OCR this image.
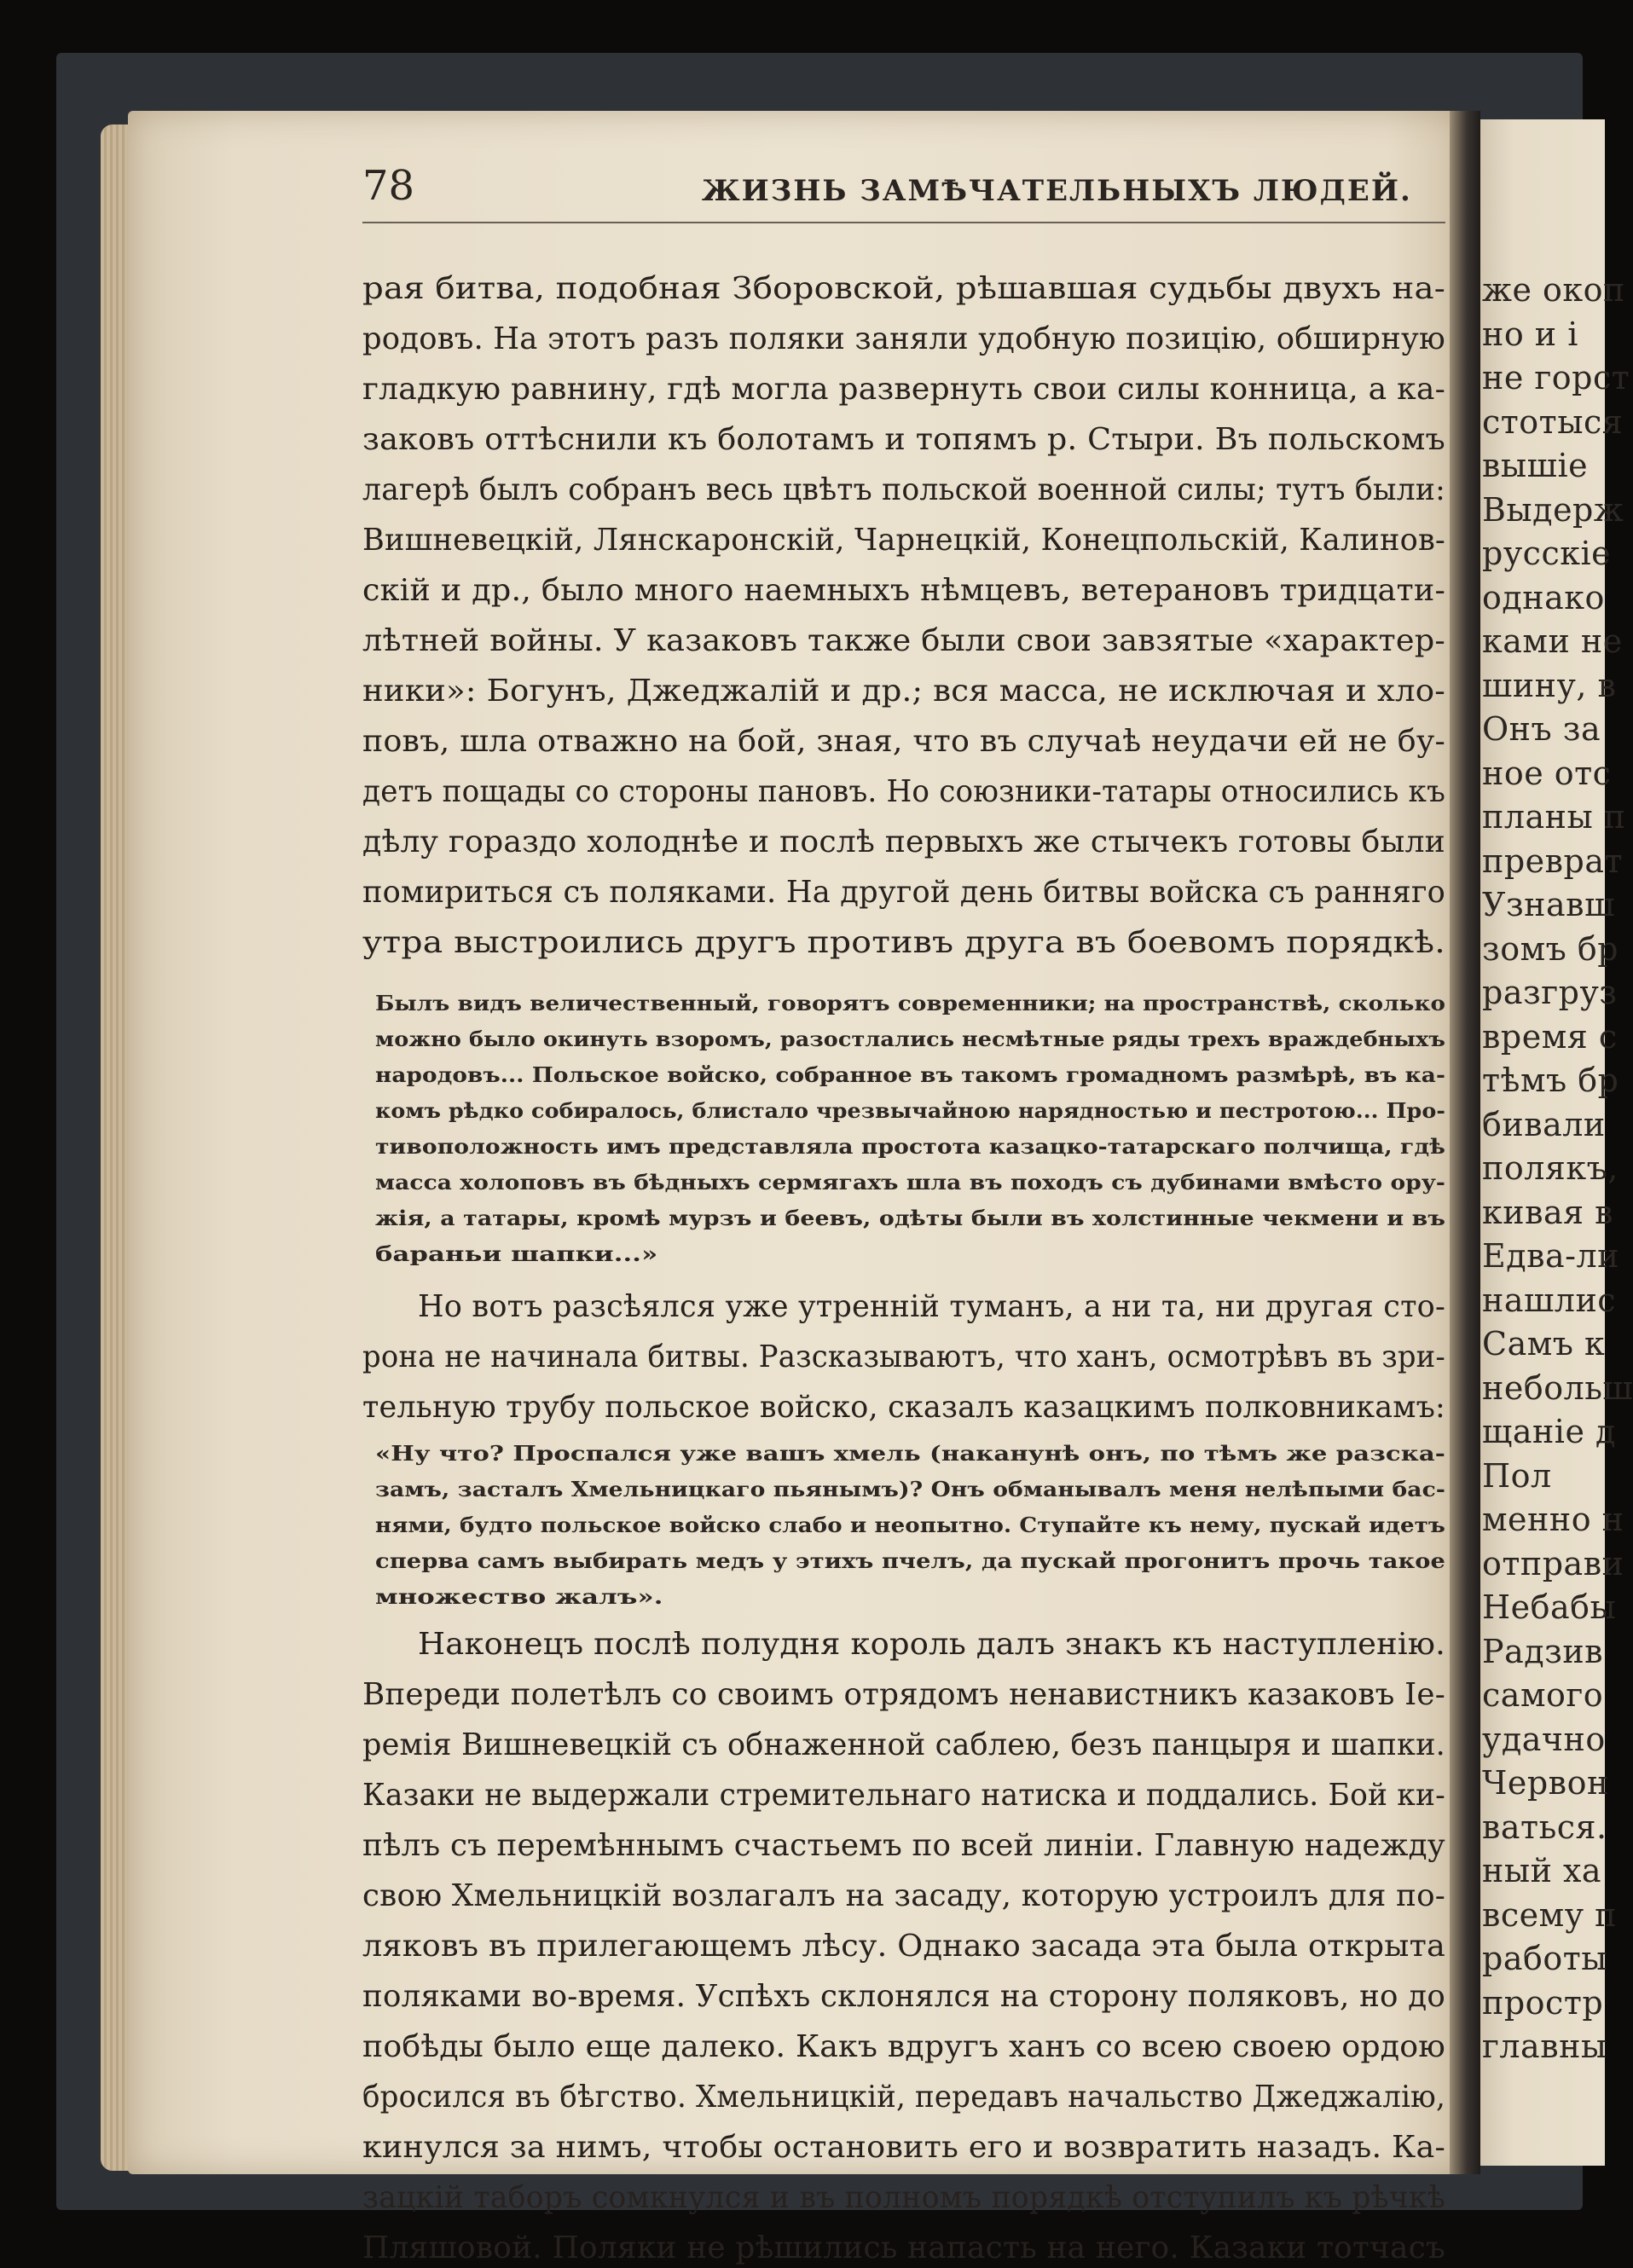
же окоп
но и і
не горст
стотыся
вышіе
Выдерж
русскіе
однако
ками не
шину, в
Онъ за
ное отс
планы п
преврат
Узнавш
зомъ бр
разгруз
время с
тѣмъ бр
бивали
полякъ,
кивая в
Едва-ли
нашлис
Самъ к
небольш
щаніе д
Пол
менно н
отправи
Небабы
Радзив
самого
удачно
Червон
ваться.
ный ха
всему п
работы
простр
главны
78	ЖИЗНЬ ЗАМѢЧАТЕЛЬНЫХЪ ЛЮДЕЙ.
рая битва, подобная Зборовской, рѣшавшая судьбы двухъ на-
родовъ. На этотъ разъ поляки заняли удобную позицію, обширную
гладкую равнину, гдѣ могла развернуть свои силы конница, а ка-
заковъ оттѣснили къ болотамъ и топямъ р. Стыри. Въ польскомъ
лагерѣ былъ собранъ весь цвѣтъ польской военной силы; тутъ были:
Вишневецкій, Лянскаронскій, Чарнецкій, Конецпольскій, Калинов-
скій и др., было много наемныхъ нѣмцевъ, ветерановъ тридцати-
лѣтней войны. У казаковъ также были свои завзятые «характер-
ники»: Богунъ, Джеджалій и др.; вся масса, не исключая и хло-
повъ, шла отважно на бой, зная, что въ случаѣ неудачи ей не бу-
детъ пощады со стороны пановъ. Но союзники-татары относились къ
дѣлу гораздо холоднѣе и послѣ первыхъ же стычекъ готовы были
помириться съ поляками. На другой день битвы войска съ ранняго
утра выстроились другъ противъ друга въ боевомъ порядкѣ.
Былъ видъ величественный, говорятъ современники; на пространствѣ, сколько
можно было окинуть взоромъ, разостлались несмѣтные ряды трехъ враждебныхъ
народовъ... Польское войско, собранное въ такомъ громадномъ размѣрѣ, въ ка-
комъ рѣдко собиралось, блистало чрезвычайною нарядностью и пестротою... Про-
тивоположность имъ представляла простота казацко-татарскаго полчища, гдѣ
масса холоповъ въ бѣдныхъ сермягахъ шла въ походъ съ дубинами вмѣсто ору-
жія, а татары, кромѣ мурзъ и беевъ, одѣты были въ холстинные чекмени и въ
бараньи шапки...»
Но вотъ разсѣялся уже утренній туманъ, а ни та, ни другая сто-
рона не начинала битвы. Разсказываютъ, что ханъ, осмотрѣвъ въ зри-
тельную трубу польское войско, сказалъ казацкимъ полковникамъ:
«Ну что? Проспался уже вашъ хмель (наканунѣ онъ, по тѣмъ же разска-
замъ, засталъ Хмельницкаго пьянымъ)? Онъ обманывалъ меня нелѣпыми бас-
нями, будто польское войско слабо и неопытно. Ступайте къ нему, пускай идетъ
сперва самъ выбирать медъ у этихъ пчелъ, да пускай прогонитъ прочь такое
множество жалъ».
Наконецъ послѣ полудня король далъ знакъ къ наступленію.
Впереди полетѣлъ со своимъ отрядомъ ненавистникъ казаковъ Іе-
ремія Вишневецкій съ обнаженной саблею, безъ панцыря и шапки.
Казаки не выдержали стремительнаго натиска и поддались. Бой ки-
пѣлъ съ перемѣннымъ счастьемъ по всей линіи. Главную надежду
свою Хмельницкій возлагалъ на засаду, которую устроилъ для по-
ляковъ въ прилегающемъ лѣсу. Однако засада эта была открыта
поляками во-время. Успѣхъ склонялся на сторону поляковъ, но до
побѣды было еще далеко. Какъ вдругъ ханъ со всею своею ордою
бросился въ бѣгство. Хмельницкій, передавъ начальство Джеджалію,
кинулся за нимъ, чтобы остановить его и возвратить назадъ. Ка-
зацкій таборъ сомкнулся и въ полномъ порядкѣ отступилъ къ рѣчкѣ
Пляшовой. Поляки не рѣшились напасть на него. Казаки тотчасъ
